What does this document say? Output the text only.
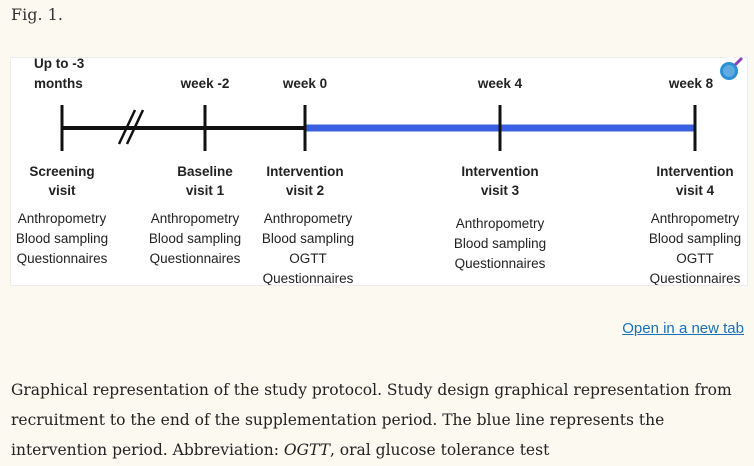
Fig. 1.
Up to -3
months	week -2	week 0	week 4	week 8
Screening
visit
Baseline
visit 1
Intervention
visit 2
Intervention
visit 3
Intervention
visit 4
Anthropometry
Blood sampling
Questionnaires
Anthropometry
Blood sampling
Questionnaires
Anthropometry
Blood sampling
OGTT
Questionnaires
Anthropometry
Blood sampling
Questionnaires
Anthropometry
Blood sampling
OGTT
Questionnaires
Open in a new tab
Graphical representation of the study protocol. Study design graphical representation from recruitment to the end of the supplementation period. The blue line represents the intervention period. Abbreviation: OGTT, oral glucose tolerance test
